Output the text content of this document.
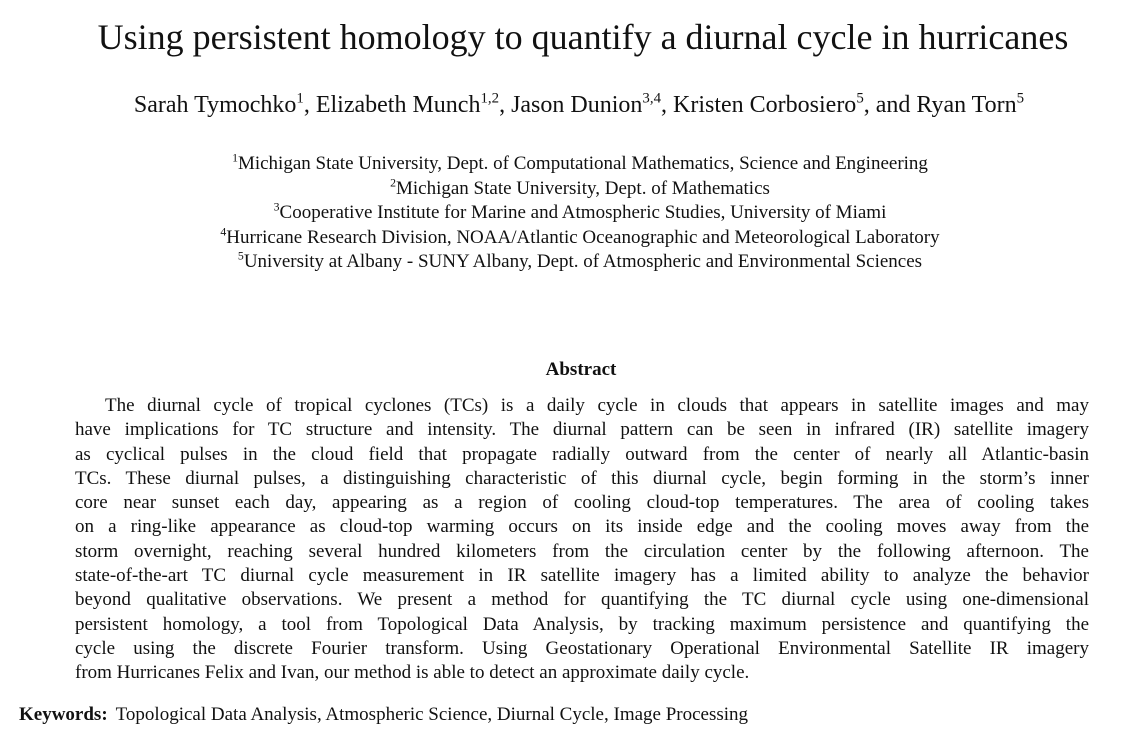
Using persistent homology to quantify a diurnal cycle in hurricanes
Sarah Tymochko$^1$, Elizabeth Munch$^{1,2}$, Jason Dunion$^{3,4}$, Kristen Corbosiero$^5$, and Ryan Torn$^5$
$^1$Michigan State University, Dept. of Computational Mathematics, Science and Engineering
$^2$Michigan State University, Dept. of Mathematics
$^3$Cooperative Institute for Marine and Atmospheric Studies, University of Miami
$^4$Hurricane Research Division, NOAA/Atlantic Oceanographic and Meteorological Laboratory
$^5$University at Albany - SUNY Albany, Dept. of Atmospheric and Environmental Sciences
Abstract
The diurnal cycle of tropical cyclones (TCs) is a daily cycle in clouds that appears in satellite images and may
have implications for TC structure and intensity. The diurnal pattern can be seen in infrared (IR) satellite imagery
as cyclical pulses in the cloud field that propagate radially outward from the center of nearly all Atlantic-basin
TCs. These diurnal pulses, a distinguishing characteristic of this diurnal cycle, begin forming in the storm’s inner
core near sunset each day, appearing as a region of cooling cloud-top temperatures. The area of cooling takes
on a ring-like appearance as cloud-top warming occurs on its inside edge and the cooling moves away from the
storm overnight, reaching several hundred kilometers from the circulation center by the following afternoon. The
state-of-the-art TC diurnal cycle measurement in IR satellite imagery has a limited ability to analyze the behavior
beyond qualitative observations. We present a method for quantifying the TC diurnal cycle using one-dimensional
persistent homology, a tool from Topological Data Analysis, by tracking maximum persistence and quantifying the
cycle using the discrete Fourier transform. Using Geostationary Operational Environmental Satellite IR imagery
from Hurricanes Felix and Ivan, our method is able to detect an approximate daily cycle.
Keywords: Topological Data Analysis, Atmospheric Science, Diurnal Cycle, Image Processing
